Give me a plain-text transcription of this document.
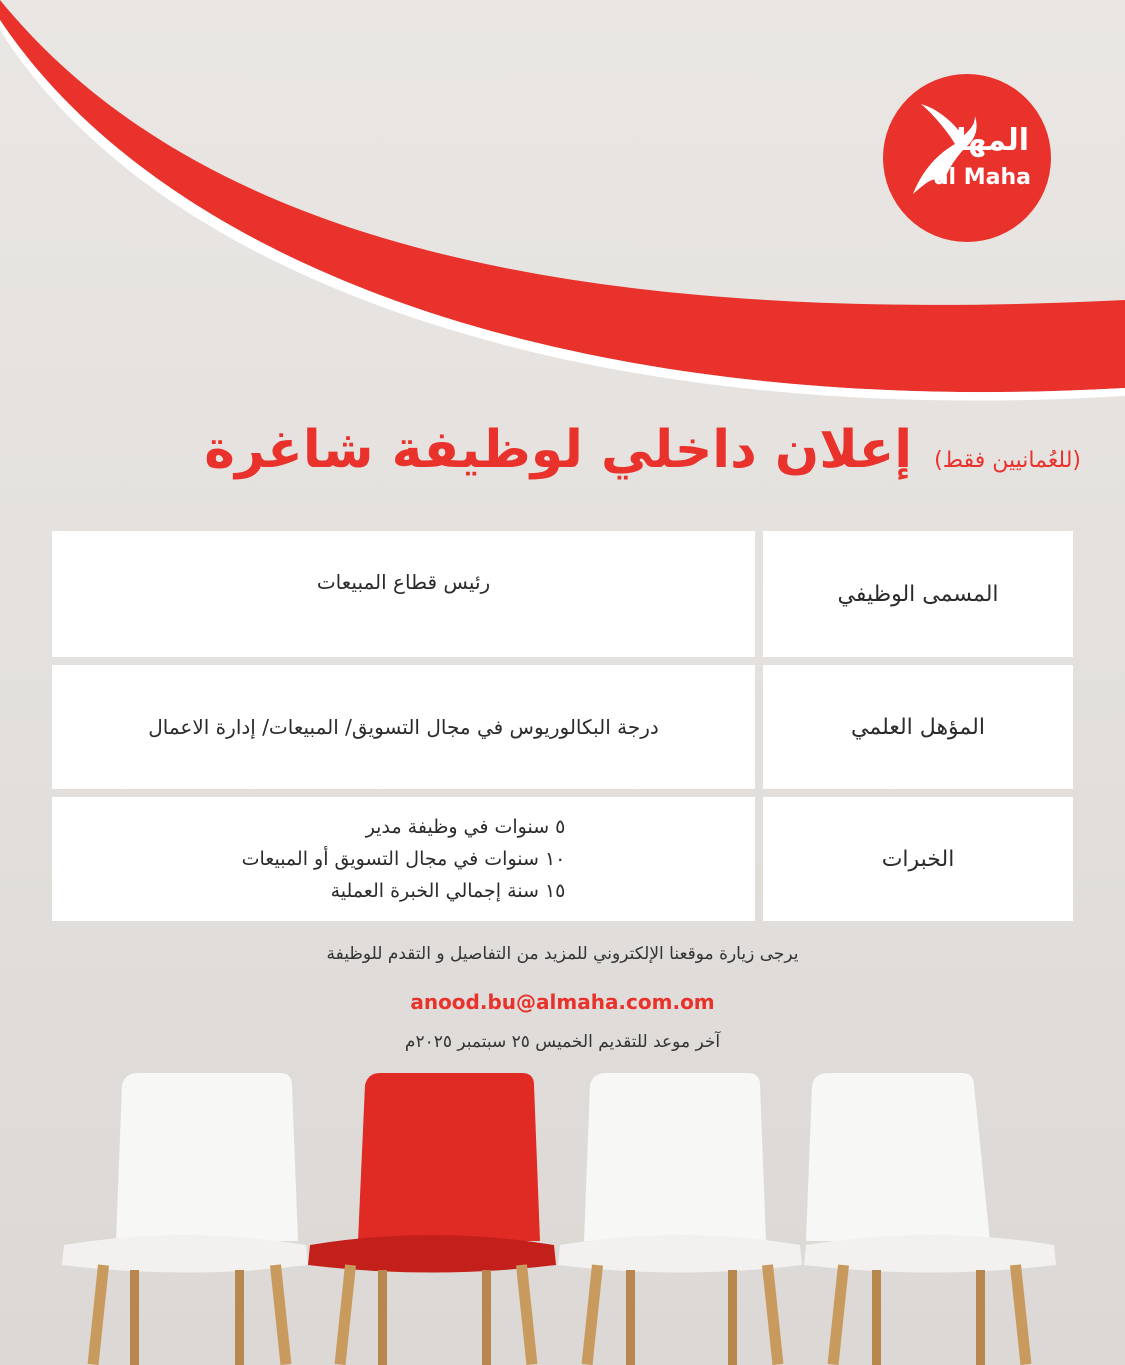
المها
al Maha
إعلان داخلي لوظيفة شاغرة (للعُمانيين فقط)
المسمى الوظيفي
رئيس قطاع المبيعات
المؤهل العلمي
درجة البكالوريوس في مجال التسويق/ المبيعات/ إدارة الاعمال
الخبرات
٥ سنوات في وظيفة مدير
١٠ سنوات في مجال التسويق أو المبيعات
١٥ سنة إجمالي الخبرة العملية
يرجى زيارة موقعنا الإلكتروني للمزيد من التفاصيل و التقدم للوظيفة
anood.bu@almaha.com.om
آخر موعد للتقديم الخميس ٢٥ سبتمبر ٢٠٢٥م
